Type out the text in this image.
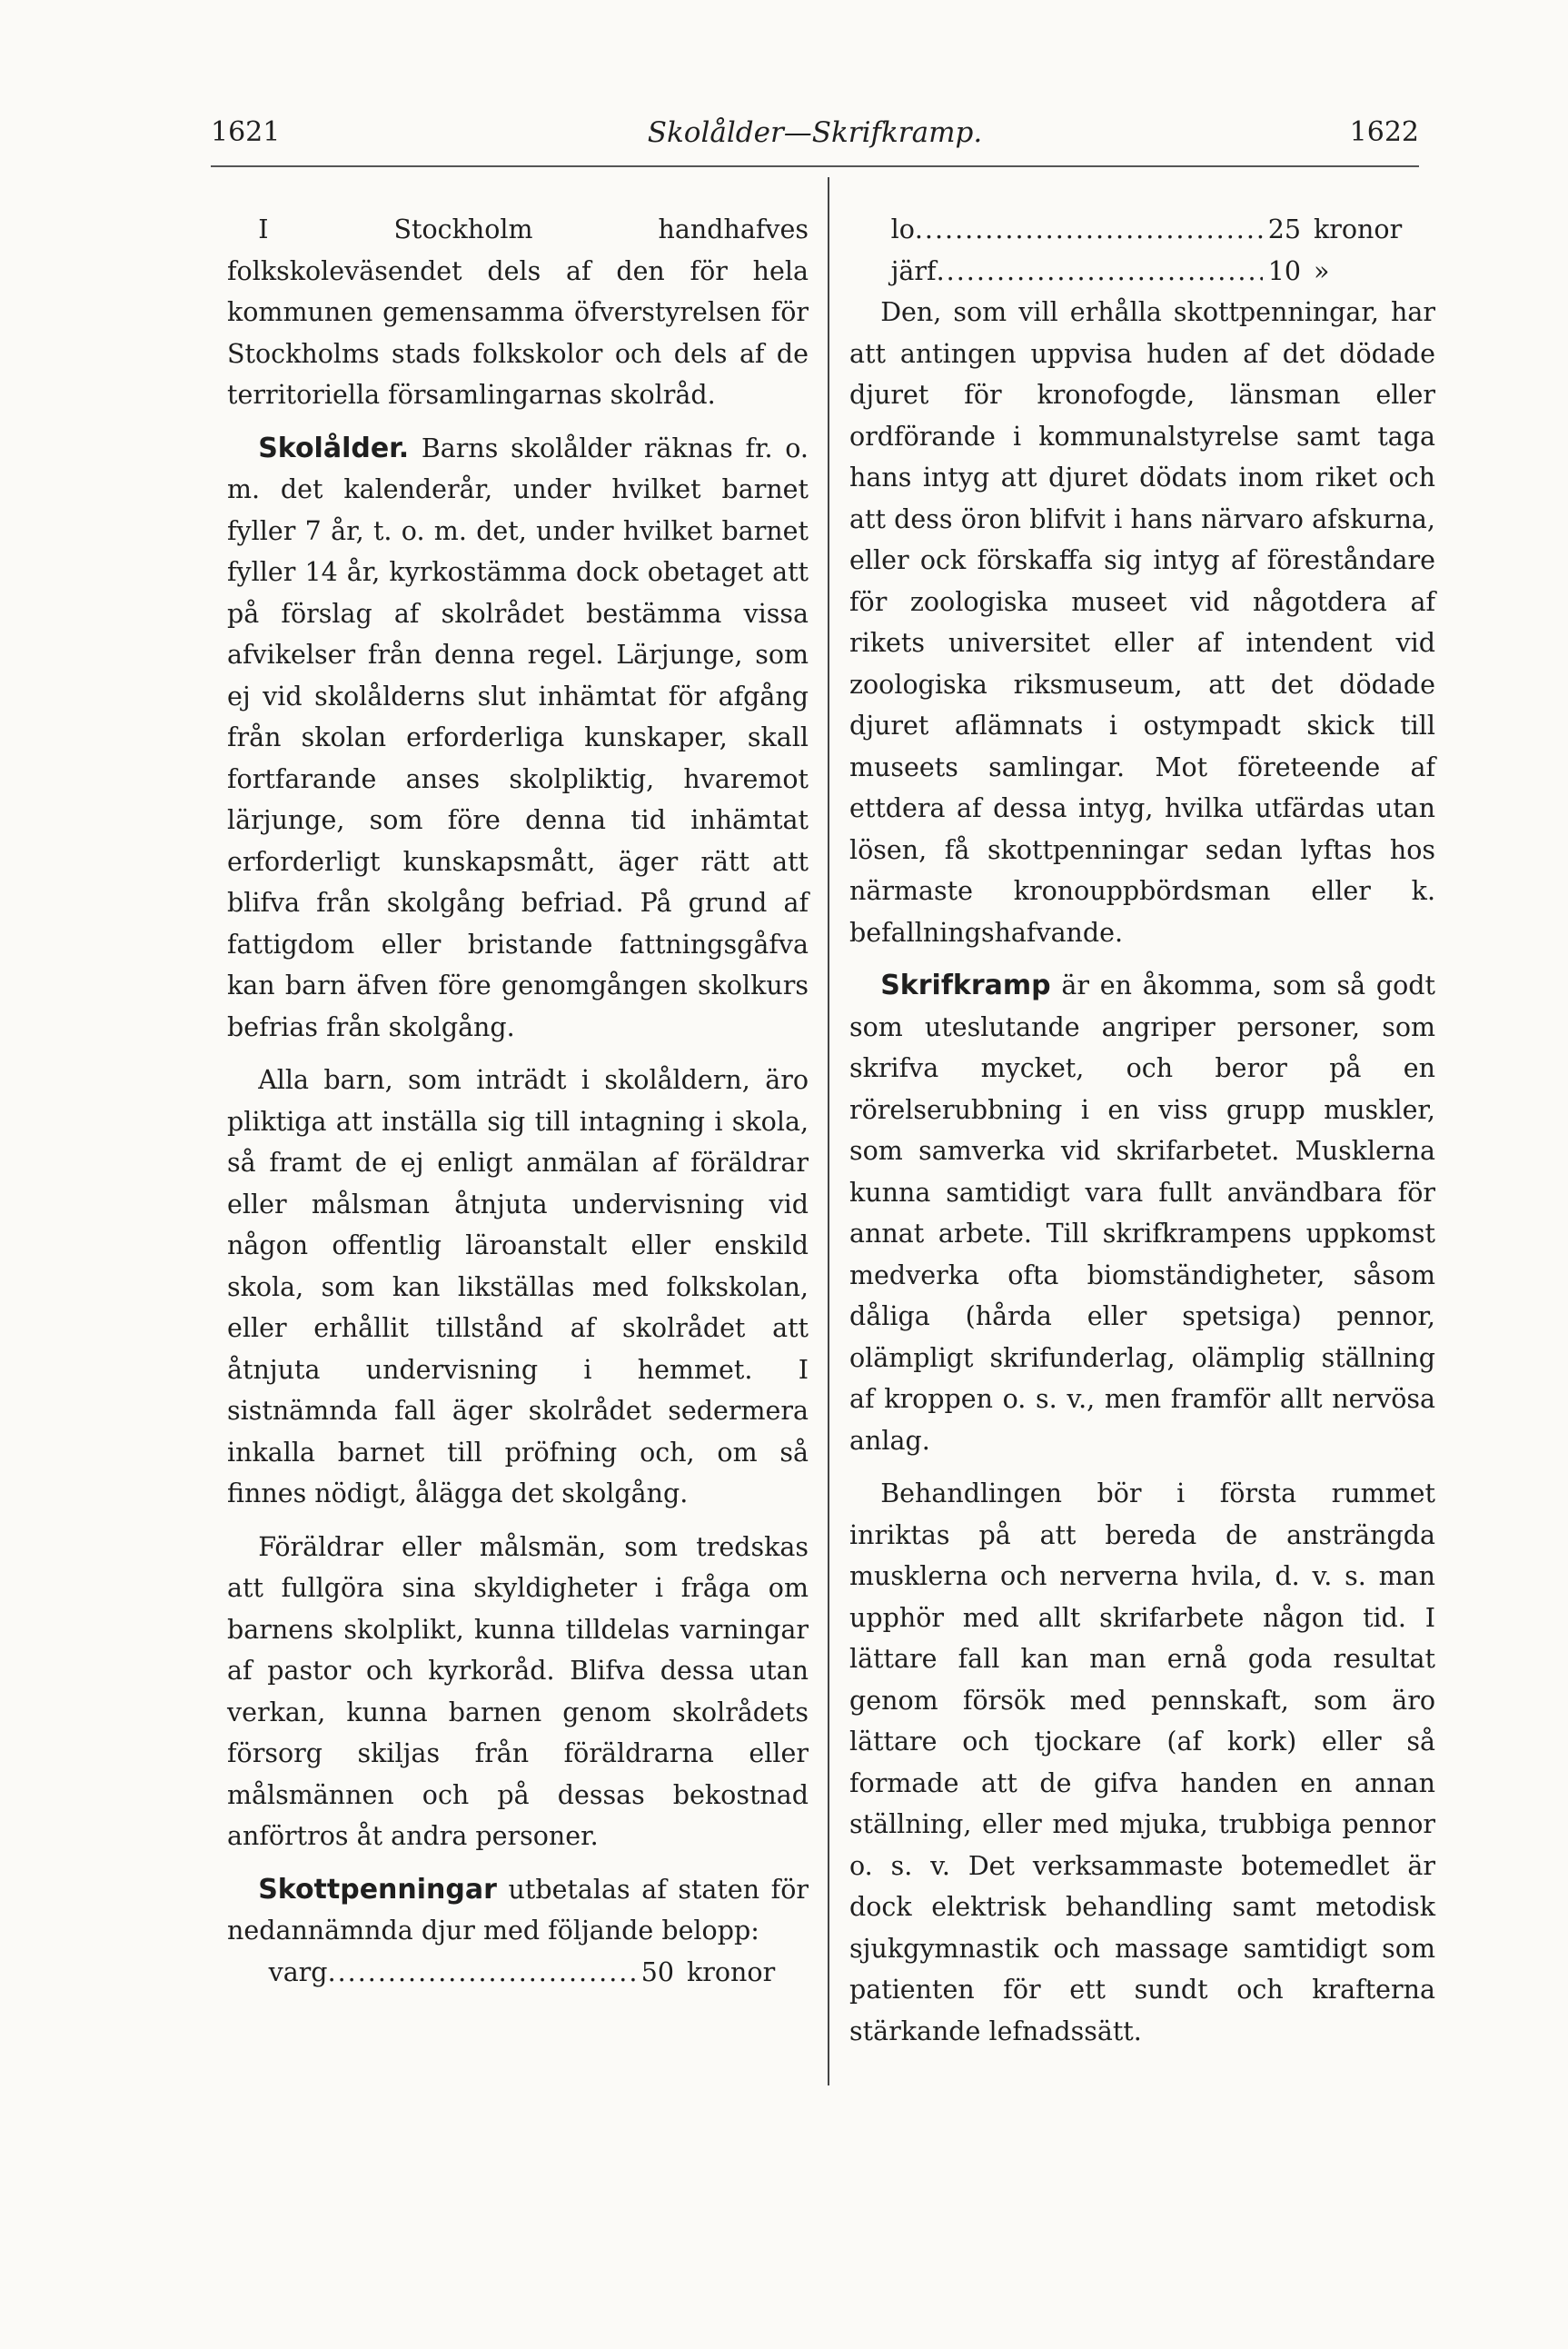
1621	Skolålder—Skrifkramp.	1622

I Stockholm handhafves folkskoleväsendet dels af den för hela kommunen gemensamma öfverstyrelsen för Stockholms stads folkskolor och dels af de territoriella församlingarnas skolråd.

Skolålder. Barns skolålder räknas fr. o. m. det kalenderår, under hvilket barnet fyller 7 år, t. o. m. det, under hvilket barnet fyller 14 år, kyrkostämma dock obetaget att på förslag af skolrådet bestämma vissa afvikelser från denna regel. Lärjunge, som ej vid skolålderns slut inhämtat för afgång från skolan erforderliga kunskaper, skall fortfarande anses skolpliktig, hvaremot lärjunge, som före denna tid inhämtat erforderligt kunskapsmått, äger rätt att blifva från skolgång befriad. På grund af fattigdom eller bristande fattningsgåfva kan barn äfven före genomgången skolkurs befrias från skolgång.

Alla barn, som inträdt i skolåldern, äro pliktiga att inställa sig till intagning i skola, så framt de ej enligt anmälan af föräldrar eller målsman åtnjuta undervisning vid någon offentlig läroanstalt eller enskild skola, som kan likställas med folkskolan, eller erhållit tillstånd af skolrådet att åtnjuta undervisning i hemmet. I sistnämnda fall äger skolrådet sedermera inkalla barnet till pröfning och, om så finnes nödigt, ålägga det skolgång.

Föräldrar eller målsmän, som tredskas att fullgöra sina skyldigheter i fråga om barnens skolplikt, kunna tilldelas varningar af pastor och kyrkoråd. Blifva dessa utan verkan, kunna barnen genom skolrådets försorg skiljas från föräldrarna eller målsmännen och på dessas bekostnad anförtros åt andra personer.

Skottpenningar utbetalas af staten för nedannämnda djur med följande belopp:

varg .....	50 kronor
lo .....	25 kronor
järf .....	10 »

Den, som vill erhålla skottpenningar, har att antingen uppvisa huden af det dödade djuret för kronofogde, länsman eller ordförande i kommunalstyrelse samt taga hans intyg att djuret dödats inom riket och att dess öron blifvit i hans närvaro afskurna, eller ock förskaffa sig intyg af föreståndare för zoologiska museet vid någotdera af rikets universitet eller af intendent vid zoologiska riksmuseum, att det dödade djuret aflämnats i ostympadt skick till museets samlingar. Mot företeende af ettdera af dessa intyg, hvilka utfärdas utan lösen, få skottpenningar sedan lyftas hos närmaste kronouppbördsman eller k. befallningshafvande.

Skrifkramp är en åkomma, som så godt som uteslutande angriper personer, som skrifva mycket, och beror på en rörelserubbning i en viss grupp muskler, som samverka vid skrifarbetet. Musklerna kunna samtidigt vara fullt användbara för annat arbete. Till skrifkrampens uppkomst medverka ofta biomständigheter, såsom dåliga (hårda eller spetsiga) pennor, olämpligt skrifunderlag, olämplig ställning af kroppen o. s. v., men framför allt nervösa anlag.

Behandlingen bör i första rummet inriktas på att bereda de ansträngda musklerna och nerverna hvila, d. v. s. man upphör med allt skrifarbete någon tid. I lättare fall kan man ernå goda resultat genom försök med pennskaft, som äro lättare och tjockare (af kork) eller så formade att de gifva handen en annan ställning, eller med mjuka, trubbiga pennor o. s. v. Det verksammaste botemedlet är dock elektrisk behandling samt metodisk sjukgymnastik och massage samtidigt som patienten för ett sundt och krafterna stärkande lefnadssätt.
